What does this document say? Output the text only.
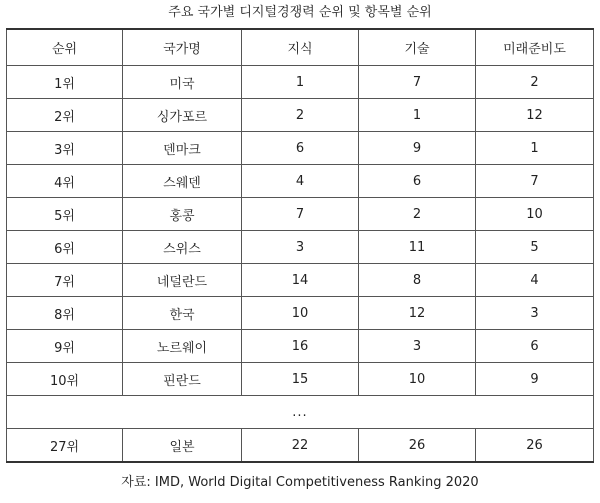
주요 국가별 디지털경쟁력 순위 및 항목별 순위
순위	국가명	지식	기술	미래준비도
1위	미국	1	7	2
2위	싱가포르	2	1	12
3위	덴마크	6	9	1
4위	스웨덴	4	6	7
5위	홍콩	7	2	10
6위	스위스	3	11	5
7위	네덜란드	14	8	4
8위	한국	10	12	3
9위	노르웨이	16	3	6
10위	핀란드	15	10	9
...				
27위	일본	22	26	26
자료: IMD, World Digital Competitiveness Ranking 2020
